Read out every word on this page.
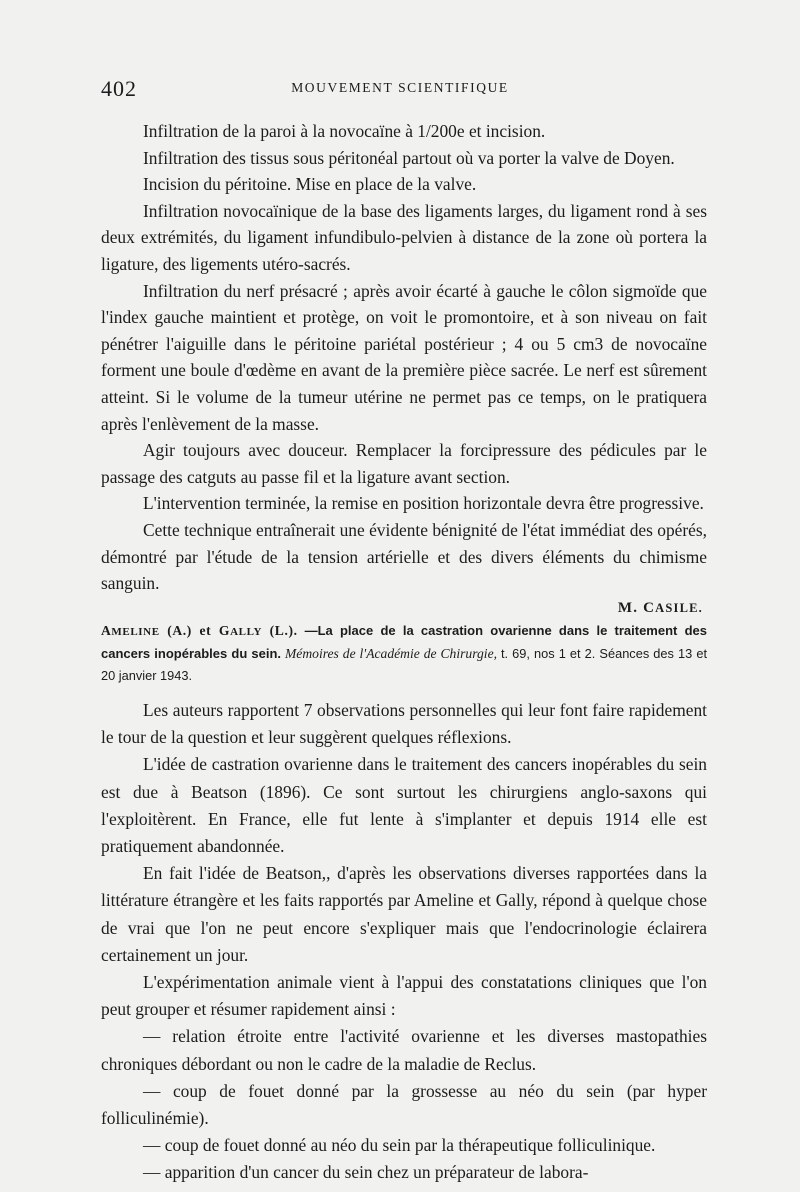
402	MOUVEMENT SCIENTIFIQUE

Infiltration de la paroi à la novocaïne à 1/200e et incision.

Infiltration des tissus sous péritonéal partout où va porter la valve de Doyen.

Incision du péritoine. Mise en place de la valve.

Infiltration novocaïnique de la base des ligaments larges, du ligament rond à ses deux extrémités, du ligament infundibulo-pelvien à distance de la zone où portera la ligature, des ligements utéro-sacrés.

Infiltration du nerf présacré ; après avoir écarté à gauche le côlon sigmoïde que l'index gauche maintient et protège, on voit le promontoire, et à son niveau on fait pénétrer l'aiguille dans le péritoine pariétal postérieur ; 4 ou 5 cm3 de novocaïne forment une boule d'œdème en avant de la première pièce sacrée. Le nerf est sûrement atteint. Si le volume de la tumeur utérine ne permet pas ce temps, on le pratiquera après l'enlèvement de la masse.

Agir toujours avec douceur. Remplacer la forcipressure des pédicules par le passage des catguts au passe fil et la ligature avant section.

L'intervention terminée, la remise en position horizontale devra être progressive.

Cette technique entraînerait une évidente bénignité de l'état immédiat des opérés, démontré par l'étude de la tension artérielle et des divers éléments du chimisme sanguin.

M. CASILE.
AMELINE (A.) et GALLY (L.). —La place de la castration ovarienne dans le traitement des cancers inopérables du sein. Mémoires de l'Académie de Chirurgie, t. 69, nos 1 et 2. Séances des 13 et 20 janvier 1943.

Les auteurs rapportent 7 observations personnelles qui leur font faire rapidement le tour de la question et leur suggèrent quelques réflexions.

L'idée de castration ovarienne dans le traitement des cancers inopérables du sein est due à Beatson (1896). Ce sont surtout les chirurgiens anglo-saxons qui l'exploitèrent. En France, elle fut lente à s'implanter et depuis 1914 elle est pratiquement abandonnée.

En fait l'idée de Beatson,, d'après les observations diverses rapportées dans la littérature étrangère et les faits rapportés par Ameline et Gally, répond à quelque chose de vrai que l'on ne peut encore s'expliquer mais que l'endocrinologie éclairera certainement un jour.

L'expérimentation animale vient à l'appui des constatations cliniques que l'on peut grouper et résumer rapidement ainsi :

— relation étroite entre l'activité ovarienne et les diverses mastopathies chroniques débordant ou non le cadre de la maladie de Reclus.

— coup de fouet donné par la grossesse au néo du sein (par hyper folliculinémie).

— coup de fouet donné au néo du sein par la thérapeutique folliculinique.

— apparition d'un cancer du sein chez un préparateur de labora-
